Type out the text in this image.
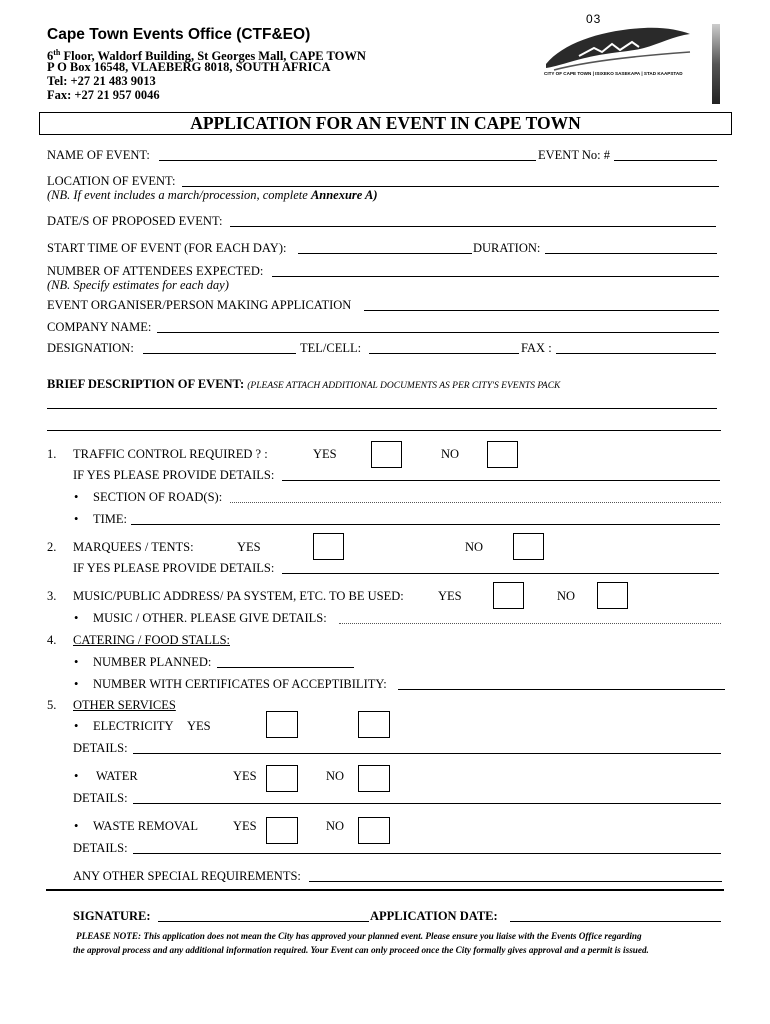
03
Cape Town Events Office (CTF&EO)
6th Floor, Waldorf Building, St Georges Mall, CAPE TOWN
P O Box 16548, VLAEBERG 8018, SOUTH AFRICA
Tel: +27 21 483 9013
Fax: +27 21 957 0046
CITY OF CAPE TOWN | ISIXEKO SASEKAPA | STAD KAAPSTAD
APPLICATION FOR AN EVENT IN CAPE TOWN
NAME OF EVENT:	EVENT No: #
LOCATION OF EVENT:
(NB. If event includes a march/procession, complete Annexure A)
DATE/S OF PROPOSED EVENT:
START TIME OF EVENT (FOR EACH DAY):	DURATION:
NUMBER OF ATTENDEES EXPECTED:
(NB. Specify estimates for each day)
EVENT ORGANISER/PERSON MAKING APPLICATION
COMPANY NAME:
DESIGNATION:	TEL/CELL:	FAX :
BRIEF DESCRIPTION OF EVENT: (PLEASE ATTACH ADDITIONAL DOCUMENTS AS PER CITY'S EVENTS PACK
1. TRAFFIC CONTROL REQUIRED ? :	YES	NO
IF YES PLEASE PROVIDE DETAILS:
•
SECTION OF ROAD(S):
•
TIME:
2. MARQUEES / TENTS:	YES	NO
IF YES PLEASE PROVIDE DETAILS:
3. MUSIC/PUBLIC ADDRESS/ PA SYSTEM, ETC. TO BE USED:	YES	NO
•
MUSIC / OTHER. PLEASE GIVE DETAILS:
4. CATERING / FOOD STALLS:
•
NUMBER PLANNED:
•
NUMBER WITH CERTIFICATES OF ACCEPTIBILITY:
5. OTHER SERVICES
•
ELECTRICITY YES
DETAILS:
•
WATER	YES	NO
DETAILS:
•
WASTE REMOVAL	YES	NO
DETAILS:
ANY OTHER SPECIAL REQUIREMENTS:
SIGNATURE:	APPLICATION DATE:
PLEASE NOTE: This application does not mean the City has approved your planned event. Please ensure you liaise with the Events Office regarding
the approval process and any additional information required. Your Event can only proceed once the City formally gives approval and a permit is issued.
